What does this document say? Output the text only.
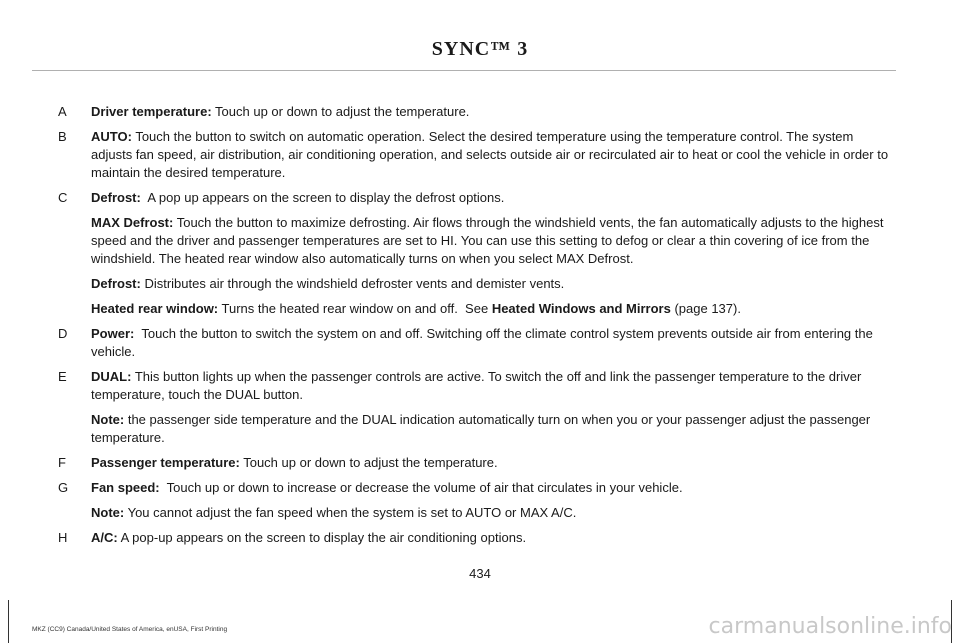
SYNC™ 3
A	Driver temperature: Touch up or down to adjust the temperature.

B	AUTO: Touch the button to switch on automatic operation. Select the desired temperature using the temperature control. The system adjusts fan speed, air distribution, air conditioning operation, and selects outside air or recirculated air to heat or cool the vehicle in order to maintain the desired temperature.

C	Defrost:  A pop up appears on the screen to display the defrost options.

MAX Defrost: Touch the button to maximize defrosting. Air flows through the windshield vents, the fan automatically adjusts to the highest speed and the driver and passenger temperatures are set to HI. You can use this setting to defog or clear a thin covering of ice from the windshield. The heated rear window also automatically turns on when you select MAX Defrost.

Defrost: Distributes air through the windshield defroster vents and demister vents.

Heated rear window: Turns the heated rear window on and off.  See Heated Windows and Mirrors (page 137).

D	Power:  Touch the button to switch the system on and off. Switching off the climate control system prevents outside air from entering the vehicle.

E	DUAL: This button lights up when the passenger controls are active. To switch the off and link the passenger temperature to the driver temperature, touch the DUAL button.

Note: the passenger side temperature and the DUAL indication automatically turn on when you or your passenger adjust the passenger temperature.

F	Passenger temperature: Touch up or down to adjust the temperature.

G	Fan speed:  Touch up or down to increase or decrease the volume of air that circulates in your vehicle.

Note: You cannot adjust the fan speed when the system is set to AUTO or MAX A/C.

H	A/C: A pop-up appears on the screen to display the air conditioning options.

434
MKZ (CC9) Canada/United States of America, enUSA, First Printing	carmanualsonline.info
